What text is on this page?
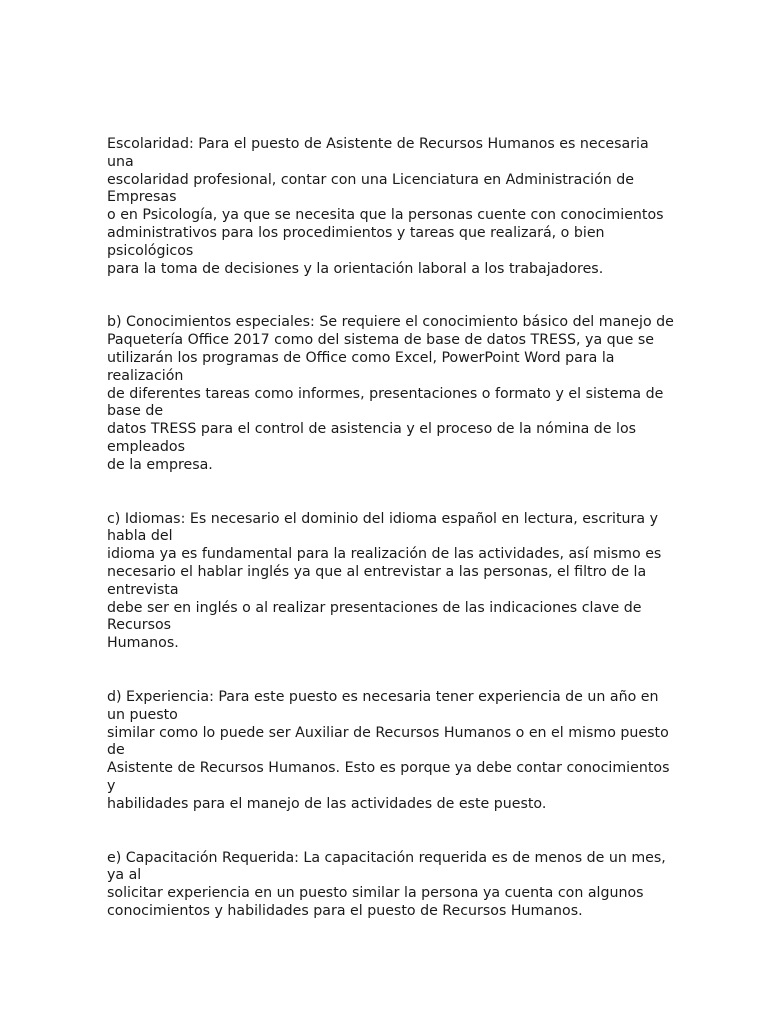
Escolaridad: Para el puesto de Asistente de Recursos Humanos es necesaria
una
escolaridad profesional, contar con una Licenciatura en Administración de
Empresas
o en Psicología, ya que se necesita que la personas cuente con conocimientos
administrativos para los procedimientos y tareas que realizará, o bien
psicológicos
para la toma de decisiones y la orientación laboral a los trabajadores.
b) Conocimientos especiales: Se requiere el conocimiento básico del manejo de
Paquetería Office 2017 como del sistema de base de datos TRESS, ya que se
utilizarán los programas de Office como Excel, PowerPoint Word para la
realización
de diferentes tareas como informes, presentaciones o formato y el sistema de
base de
datos TRESS para el control de asistencia y el proceso de la nómina de los
empleados
de la empresa.
c) Idiomas: Es necesario el dominio del idioma español en lectura, escritura y
habla del
idioma ya es fundamental para la realización de las actividades, así mismo es
necesario el hablar inglés ya que al entrevistar a las personas, el filtro de la
entrevista
debe ser en inglés o al realizar presentaciones de las indicaciones clave de
Recursos
Humanos.
d) Experiencia: Para este puesto es necesaria tener experiencia de un año en
un puesto
similar como lo puede ser Auxiliar de Recursos Humanos o en el mismo puesto
de
Asistente de Recursos Humanos. Esto es porque ya debe contar conocimientos
y
habilidades para el manejo de las actividades de este puesto.
e) Capacitación Requerida: La capacitación requerida es de menos de un mes,
ya al
solicitar experiencia en un puesto similar la persona ya cuenta con algunos
conocimientos y habilidades para el puesto de Recursos Humanos.
